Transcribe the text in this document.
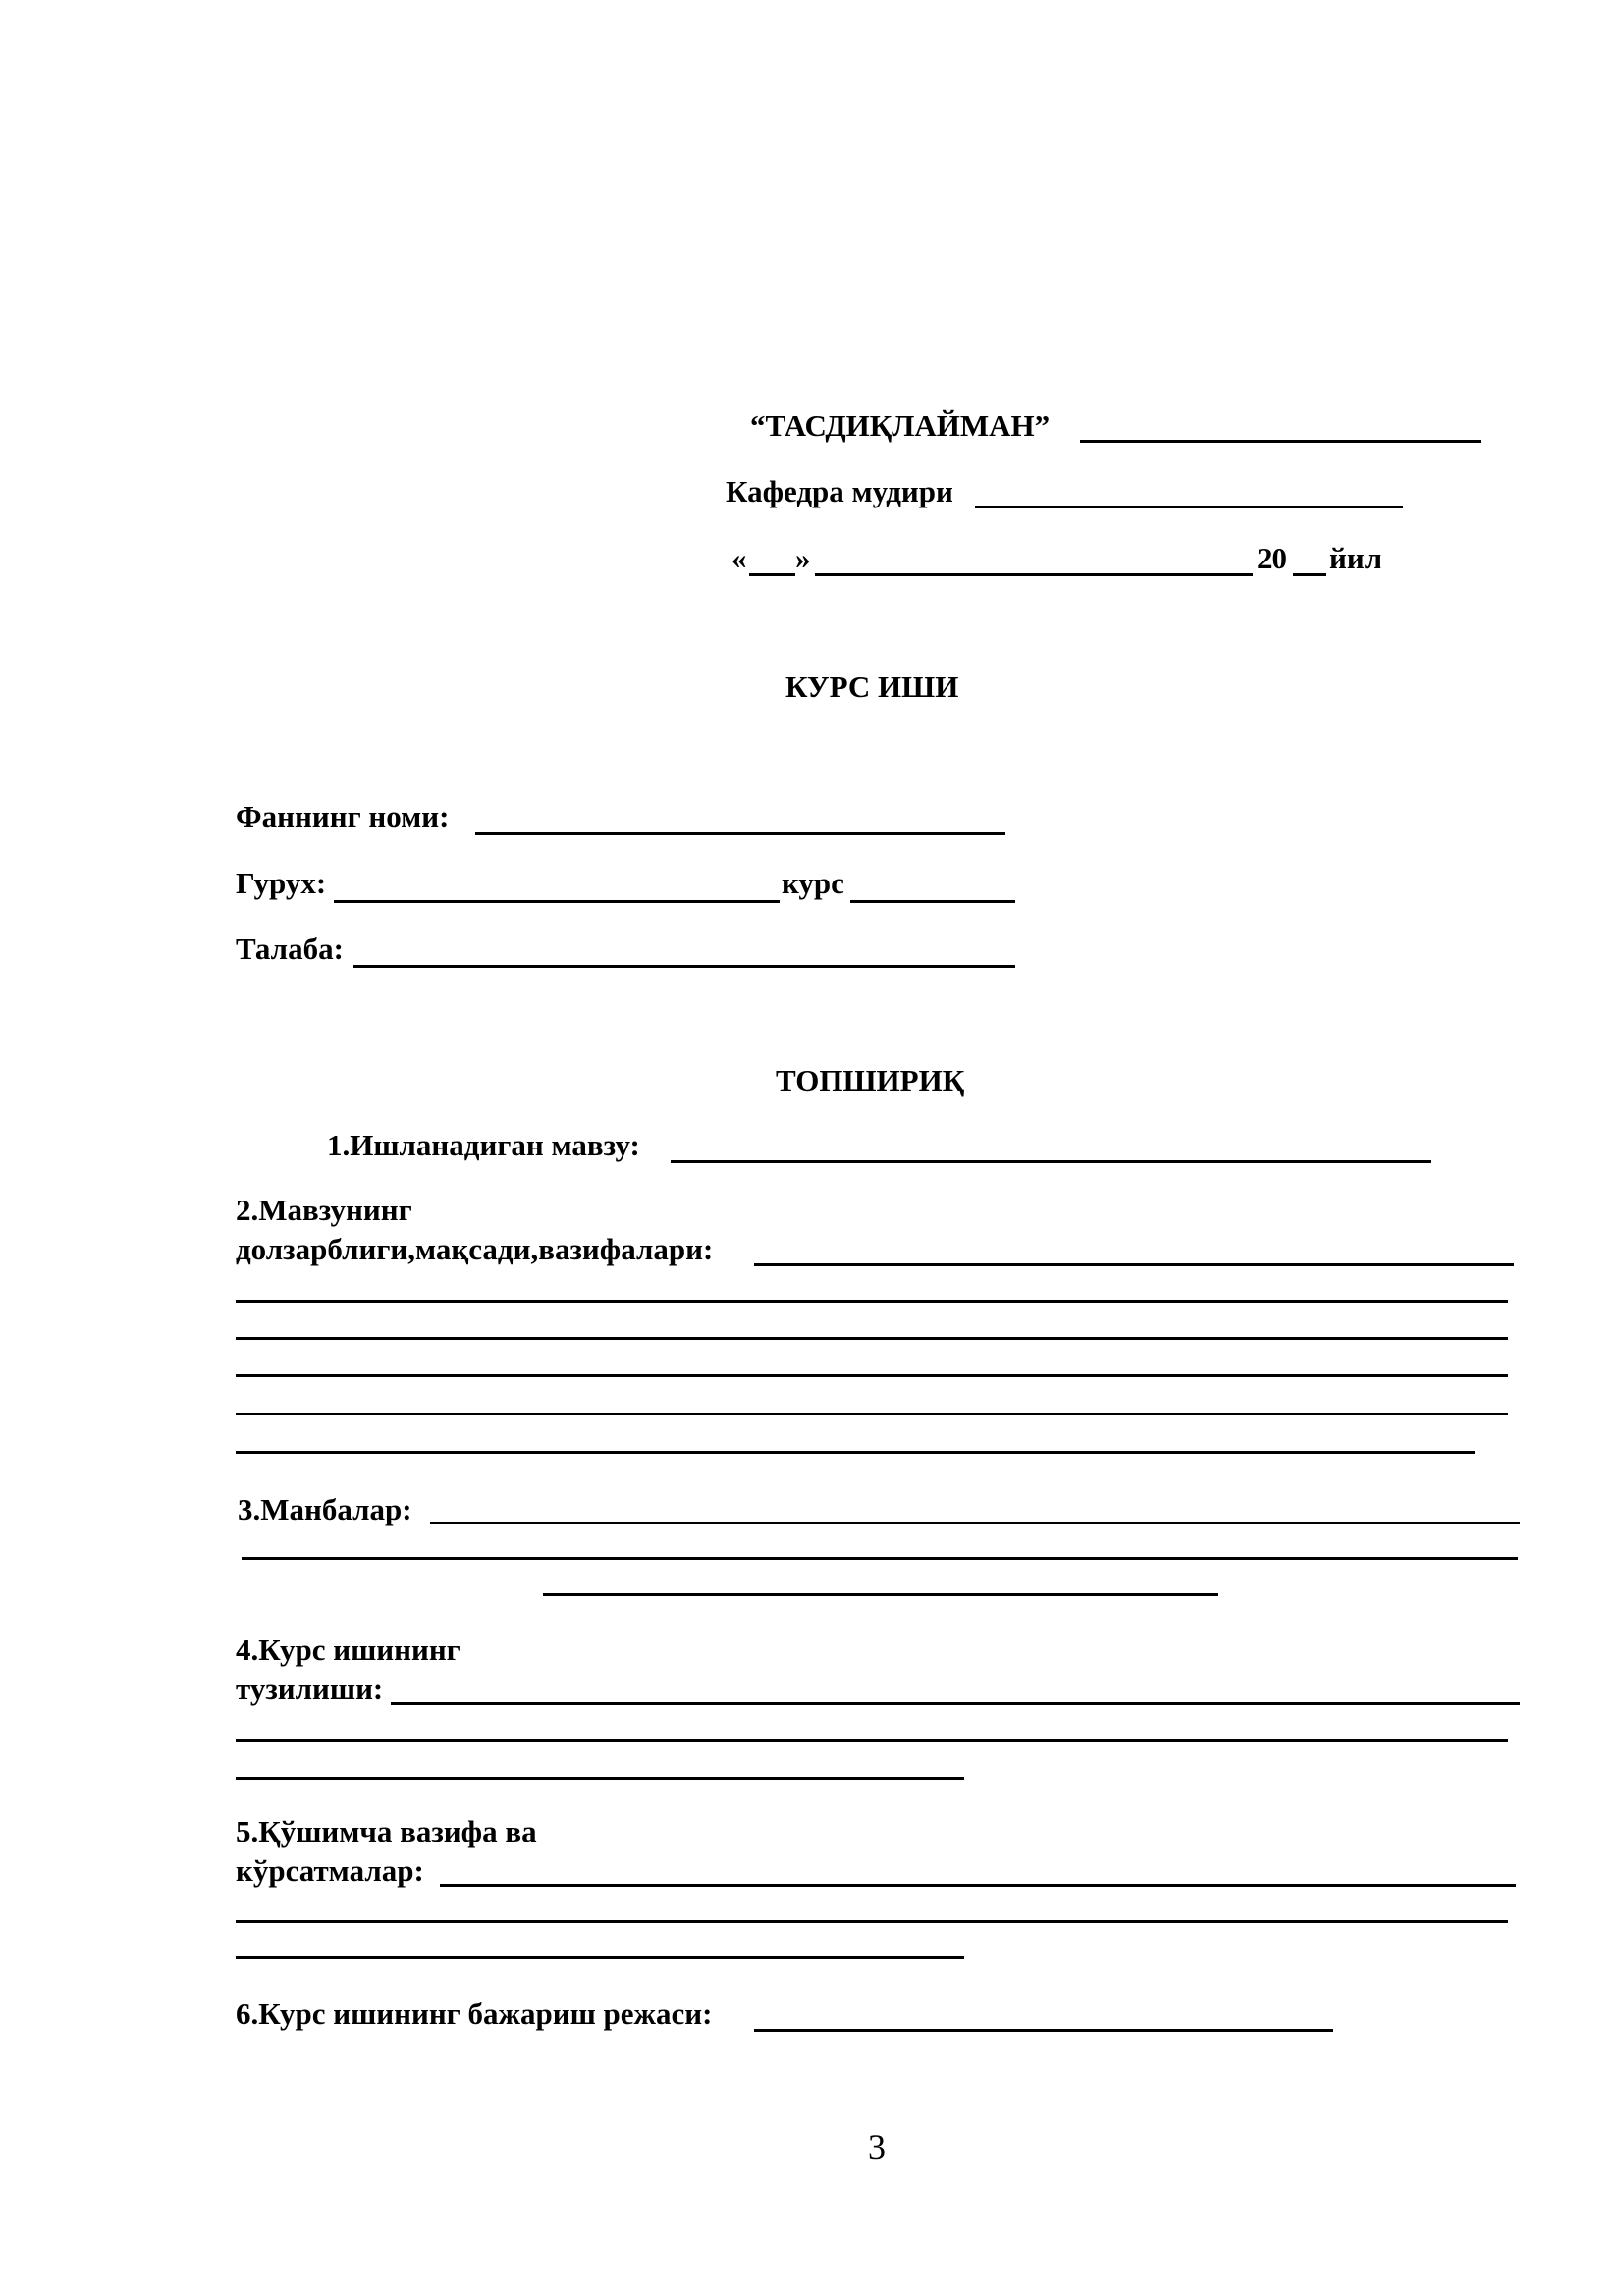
“ТАСДИҚЛАЙМАН”
Кафедра мудири
« »	20 йил
КУРС ИШИ
Фаннинг номи:
Гурух:	курс
Талаба:
ТОПШИРИҚ
1.Ишланадиган мавзу:
2.Мавзунинг
долзарблиги,мақсади,вазифалари:
3.Манбалар:
4.Курс ишининг
тузилиши:
5.Қўшимча вазифа ва
кўрсатмалар:
6.Курс ишининг бажариш режаси:
3
